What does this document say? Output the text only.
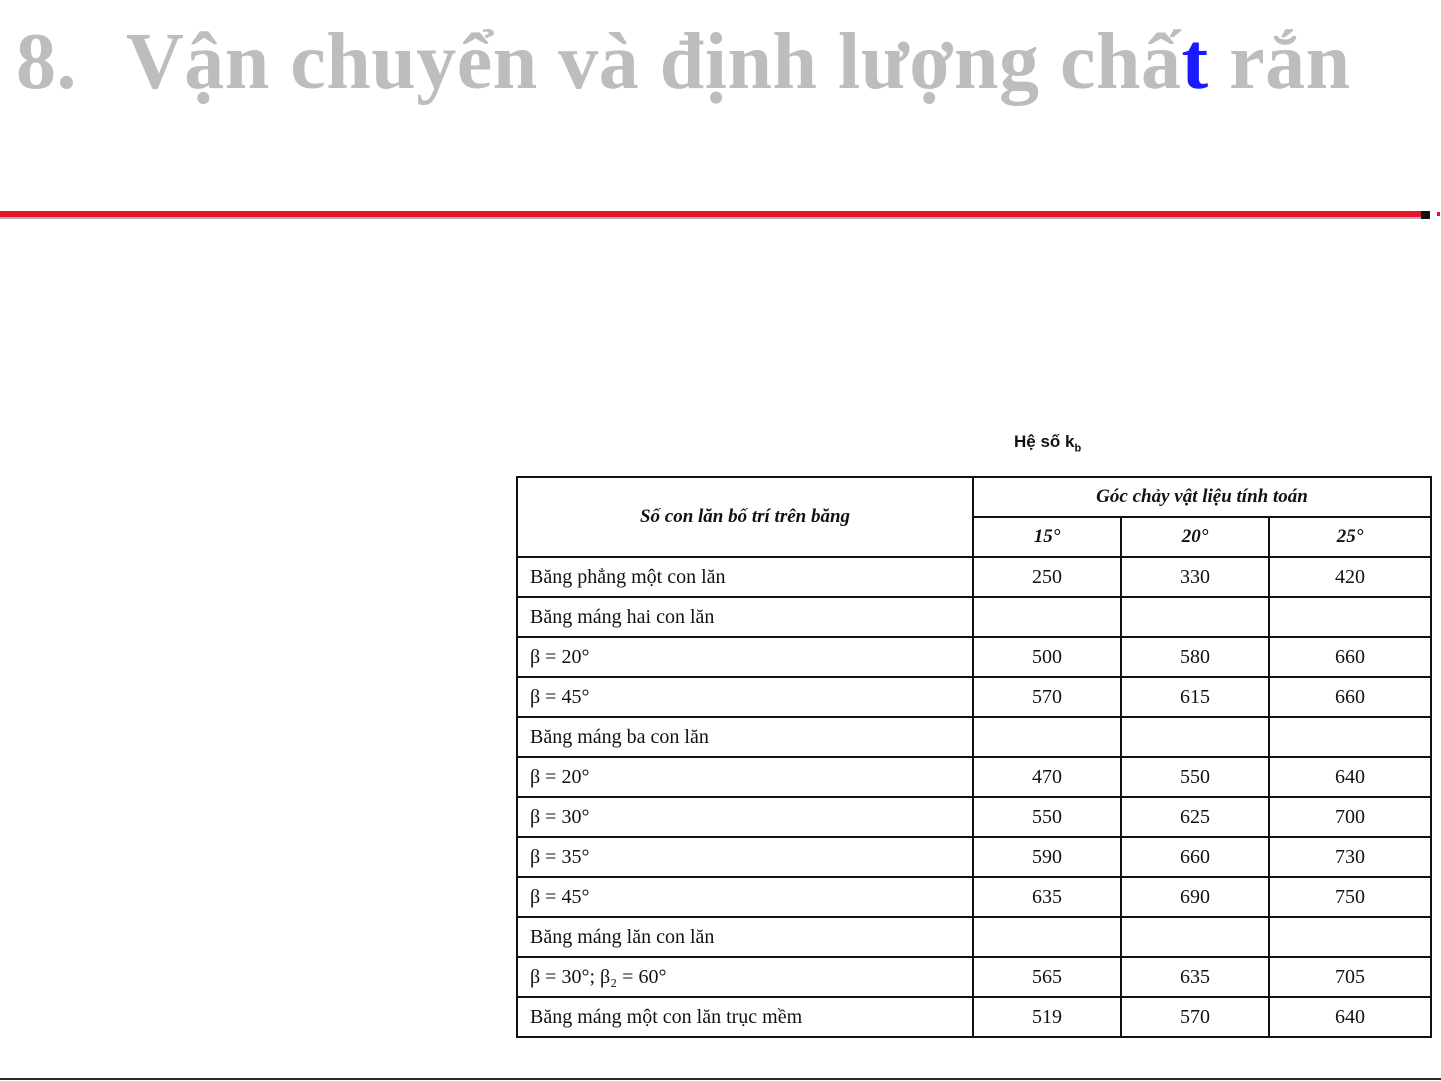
8. Vận chuyển và định lượng chất rắn
Hệ số $k_b$
Số con lăn bố trí trên băng	Góc chảy vật liệu tính toán		
	15°	20°	25°
Băng phẳng một con lăn	250	330	420
Băng máng hai con lăn			
β = 20°	500	580	660
β = 45°	570	615	660
Băng máng ba con lăn			
β = 20°	470	550	640
β = 30°	550	625	700
β = 35°	590	660	730
β = 45°	635	690	750
Băng máng lăn con lăn			
β = 30°; β₂ = 60°	565	635	705
Băng máng một con lăn trục mềm	519	570	640
